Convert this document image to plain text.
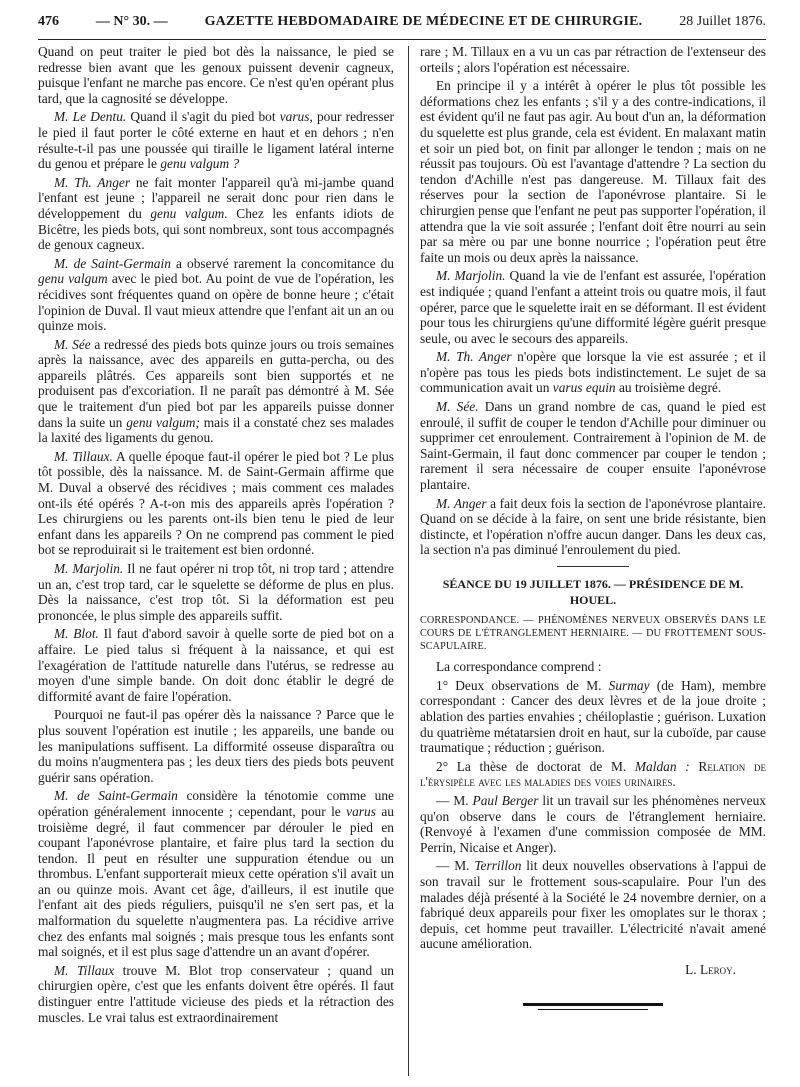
476	— N° 30. —	GAZETTE HEBDOMADAIRE DE MÉDECINE ET DE CHIRURGIE.	28 Juillet 1876.

Quand on peut traiter le pied bot dès la naissance, le pied se redresse bien avant que les genoux puissent devenir cagneux, puisque l'enfant ne marche pas encore. Ce n'est qu'en opérant plus tard, que la cagnosité se développe.

M. Le Dentu. Quand il s'agit du pied bot varus, pour redresser le pied il faut porter le côté externe en haut et en dehors ; n'en résulte-t-il pas une poussée qui tiraille le ligament latéral interne du genou et prépare le genu valgum ?

M. Th. Anger ne fait monter l'appareil qu'à mi-jambe quand l'enfant est jeune ; l'appareil ne serait donc pour rien dans le développement du genu valgum. Chez les enfants idiots de Bicêtre, les pieds bots, qui sont nombreux, sont tous accompagnés de genoux cagneux.

M. de Saint-Germain a observé rarement la concomitance du genu valgum avec le pied bot. Au point de vue de l'opération, les récidives sont fréquentes quand on opère de bonne heure ; c'était l'opinion de Duval. Il vaut mieux attendre que l'enfant ait un an ou quinze mois.

M. Sée a redressé des pieds bots quinze jours ou trois semaines après la naissance, avec des appareils en gutta-percha, ou des appareils plâtrés. Ces appareils sont bien supportés et ne produisent pas d'excoriation. Il ne paraît pas démontré à M. Sée que le traitement d'un pied bot par les appareils puisse donner dans la suite un genu valgum; mais il a constaté chez ses malades la laxité des ligaments du genou.

M. Tillaux. A quelle époque faut-il opérer le pied bot ? Le plus tôt possible, dès la naissance. M. de Saint-Germain affirme que M. Duval a observé des récidives ; mais comment ces malades ont-ils été opérés ? A-t-on mis des appareils après l'opération ? Les chirurgiens ou les parents ont-ils bien tenu le pied de leur enfant dans les appareils ? On ne comprend pas comment le pied bot se reproduirait si le traitement est bien ordonné.

M. Marjolin. Il ne faut opérer ni trop tôt, ni trop tard ; attendre un an, c'est trop tard, car le squelette se déforme de plus en plus. Dès la naissance, c'est trop tôt. Si la déformation est peu prononcée, le plus simple des appareils suffit.

M. Blot. Il faut d'abord savoir à quelle sorte de pied bot on a affaire. Le pied talus si fréquent à la naissance, et qui est l'exagération de l'attitude naturelle dans l'utérus, se redresse au moyen d'une simple bande. On doit donc établir le degré de difformité avant de faire l'opération.

Pourquoi ne faut-il pas opérer dès la naissance ? Parce que le plus souvent l'opération est inutile ; les appareils, une bande ou les manipulations suffisent. La difformité osseuse disparaîtra ou du moins n'augmentera pas ; les deux tiers des pieds bots peuvent guérir sans opération.

M. de Saint-Germain considère la ténotomie comme une opération généralement innocente ; cependant, pour le varus au troisième degré, il faut commencer par dérouler le pied en coupant l'aponévrose plantaire, et faire plus tard la section du tendon. Il peut en résulter une suppuration étendue ou un thrombus. L'enfant supporterait mieux cette opération s'il avait un an ou quinze mois. Avant cet âge, d'ailleurs, il est inutile que l'enfant ait des pieds réguliers, puisqu'il ne s'en sert pas, et la malformation du squelette n'augmentera pas. La récidive arrive chez des enfants mal soignés ; mais presque tous les enfants sont mal soignés, et il est plus sage d'attendre un an avant d'opérer.

M. Tillaux trouve M. Blot trop conservateur ; quand un chirurgien opère, c'est que les enfants doivent être opérés. Il faut distinguer entre l'attitude vicieuse des pieds et la rétraction des muscles. Le vrai talus est extraordinairement

rare ; M. Tillaux en a vu un cas par rétraction de l'extenseur des orteils ; alors l'opération est nécessaire.

En principe il y a intérêt à opérer le plus tôt possible les déformations chez les enfants ; s'il y a des contre-indications, il est évident qu'il ne faut pas agir. Au bout d'un an, la déformation du squelette est plus grande, cela est évident. En malaxant matin et soir un pied bot, on finit par allonger le tendon ; mais on ne réussit pas toujours. Où est l'avantage d'attendre ? La section du tendon d'Achille n'est pas dangereuse. M. Tillaux fait des réserves pour la section de l'aponévrose plantaire. Si le chirurgien pense que l'enfant ne peut pas supporter l'opération, il attendra que la vie soit assurée ; l'enfant doit être nourri au sein par sa mère ou par une bonne nourrice ; l'opération peut être faite un mois ou deux après la naissance.

M. Marjolin. Quand la vie de l'enfant est assurée, l'opération est indiquée ; quand l'enfant a atteint trois ou quatre mois, il faut opérer, parce que le squelette irait en se déformant. Il est évident pour tous les chirurgiens qu'une difformité légère guérit presque seule, ou avec le secours des appareils.

M. Th. Anger n'opère que lorsque la vie est assurée ; et il n'opère pas tous les pieds bots indistinctement. Le sujet de sa communication avait un varus equin au troisième degré.

M. Sée. Dans un grand nombre de cas, quand le pied est enroulé, il suffit de couper le tendon d'Achille pour diminuer ou supprimer cet enroulement. Contrairement à l'opinion de M. de Saint-Germain, il faut donc commencer par couper le tendon ; rarement il sera nécessaire de couper ensuite l'aponévrose plantaire.

M. Anger a fait deux fois la section de l'aponévrose plantaire. Quand on se décide à la faire, on sent une bride résistante, bien distincte, et l'opération n'offre aucun danger. Dans les deux cas, la section n'a pas diminué l'enroulement du pied.

SÉANCE DU 19 JUILLET 1876. — PRÉSIDENCE DE M. HOUEL.

CORRESPONDANCE. — PHÉNOMÈNES NERVEUX OBSERVÉS DANS LE COURS DE L'ÉTRANGLEMENT HERNIAIRE. — DU FROTTEMENT SOUS-SCAPULAIRE.

La correspondance comprend :

1° Deux observations de M. Surmay (de Ham), membre correspondant : Cancer des deux lèvres et de la joue droite ; ablation des parties envahies ; chéiloplastie ; guérison. Luxation du quatrième métatarsien droit en haut, sur la cuboïde, par cause traumatique ; réduction ; guérison.

2° La thèse de doctorat de M. Maldan : Relation de l'érysipèle avec les maladies des voies urinaires.

— M. Paul Berger lit un travail sur les phénomènes nerveux qu'on observe dans le cours de l'étranglement herniaire. (Renvoyé à l'examen d'une commission composée de MM. Perrin, Nicaise et Anger).

— M. Terrillon lit deux nouvelles observations à l'appui de son travail sur le frottement sous-scapulaire. Pour l'un des malades déjà présenté à la Société le 24 novembre dernier, on a fabriqué deux appareils pour fixer les omoplates sur le thorax ; depuis, cet homme peut travailler. L'électricité n'avait amené aucune amélioration.

L. Leroy.
